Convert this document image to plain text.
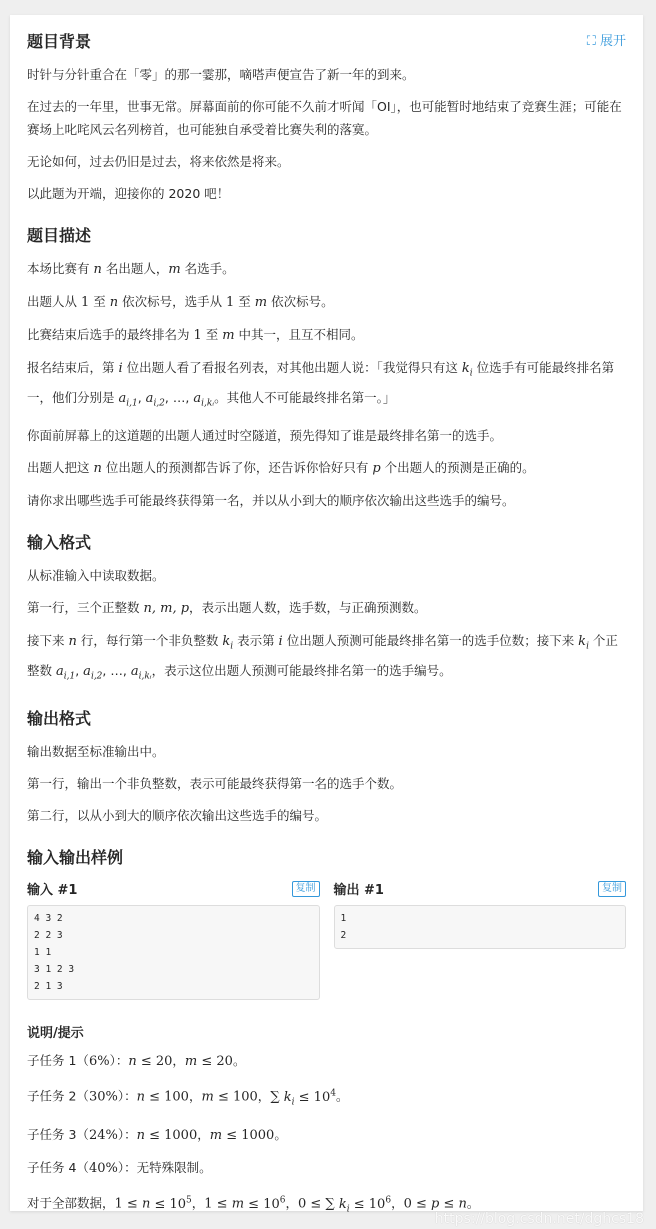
题目背景	⛶ 展开

时针与分针重合在「零」的那一霎那，嘀嗒声便宣告了新一年的到来。

在过去的一年里，世事无常。屏幕面前的你可能不久前才听闻「OI」，也可能暂时地结束了竞赛生涯；可能在赛场上叱咤风云名列榜首，也可能独自承受着比赛失利的落寞。

无论如何，过去仍旧是过去，将来依然是将来。

以此题为开端，迎接你的 2020 吧！

题目描述

本场比赛有 n 名出题人，m 名选手。

出题人从 1 至 n 依次标号，选手从 1 至 m 依次标号。

比赛结束后选手的最终排名为 1 至 m 中其一，且互不相同。

报名结束后，第 i 位出题人看了看报名列表，对其他出题人说：「我觉得只有这 $k_i$ 位选手有可能最终排名第一，他们分别是 $a_{i,1}$, $a_{i,2}$, …, $a_{i,kᵢ}$。其他人不可能最终排名第一。」

你面前屏幕上的这道题的出题人通过时空隧道，预先得知了谁是最终排名第一的选手。

出题人把这 n 位出题人的预测都告诉了你，还告诉你恰好只有 p 个出题人的预测是正确的。

请你求出哪些选手可能最终获得第一名，并以从小到大的顺序依次输出这些选手的编号。

输入格式

从标准输入中读取数据。

第一行，三个正整数 n, m, p，表示出题人数，选手数，与正确预测数。

接下来 n 行，每行第一个非负整数 $k_i$ 表示第 i 位出题人预测可能最终排名第一的选手位数；接下来 $k_i$ 个正整数 $a_{i,1}$, $a_{i,2}$, …, $a_{i,kᵢ}$，表示这位出题人预测可能最终排名第一的选手编号。

输出格式

输出数据至标准输出中。

第一行，输出一个非负整数，表示可能最终获得第一名的选手个数。

第二行，以从小到大的顺序依次输出这些选手的编号。

输入输出样例
输入 #1	复制
4 3 2
2 2 3
1 1
3 1 2 3
2 1 3
输出 #1	复制
1
2
说明/提示

子任务 1（6%）：n ≤ 20，m ≤ 20。

子任务 2（30%）：n ≤ 100，m ≤ 100，∑ $k_i \le 10^4$。

子任务 3（24%）：n ≤ 1000，m ≤ 1000。

子任务 4（40%）：无特殊限制。

对于全部数据，$1 \le n \le 10^5$，$1 \le m \le 10^6$，0 ≤ ∑ $k_i \le 10^6$，0 ≤ p ≤ n。

https://blog.csdn.net/dghcs18
